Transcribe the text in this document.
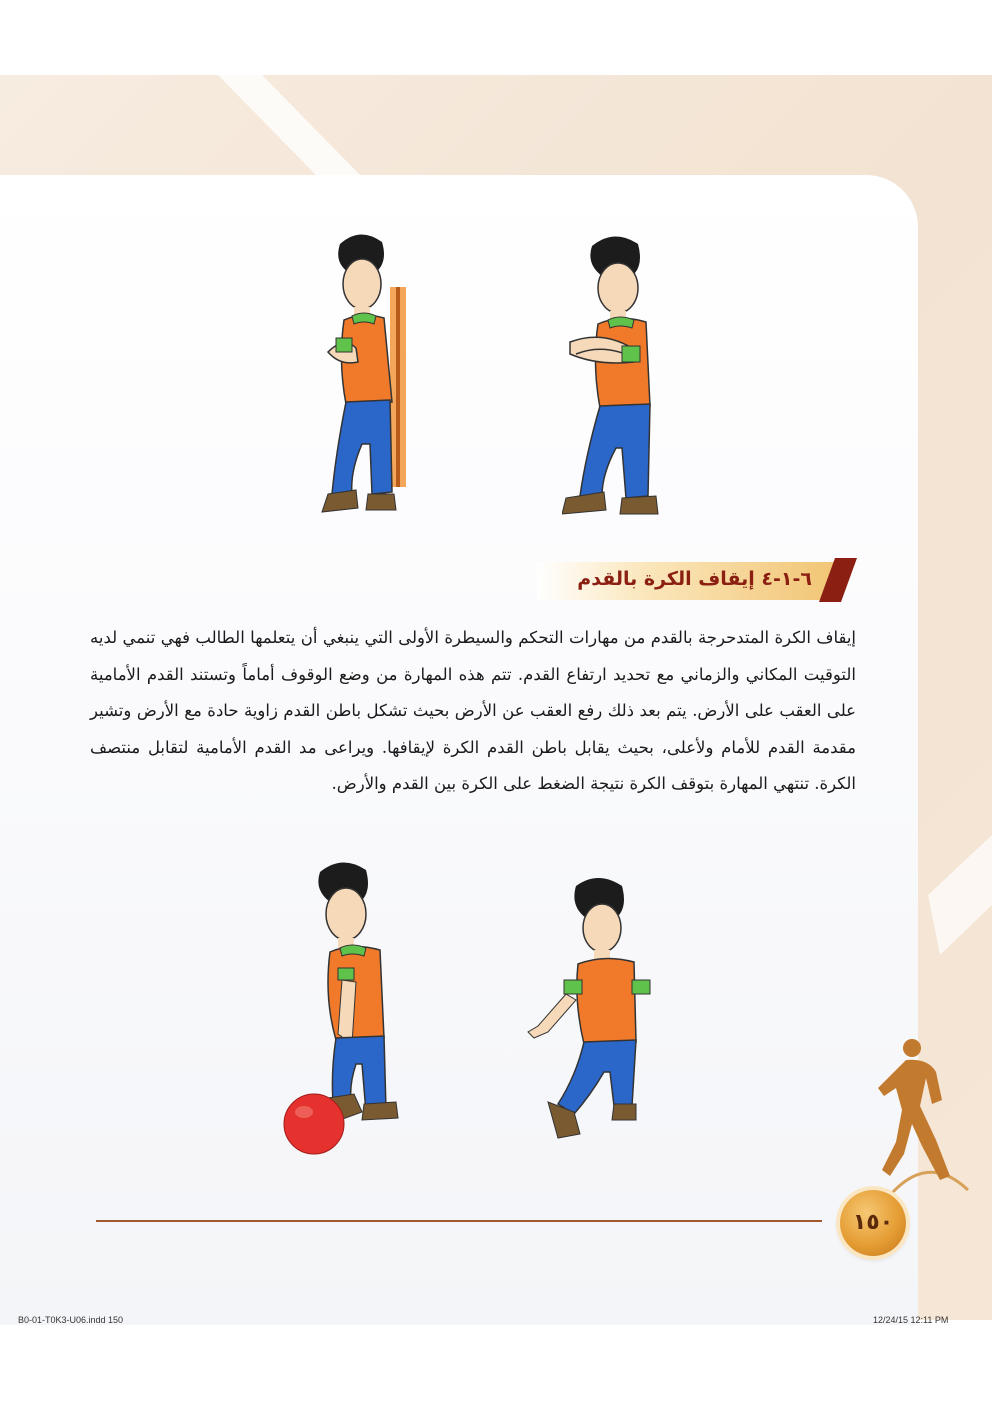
٦-١-٤ إيقاف الكرة بالقدم
إيقاف الكرة المتدحرجة بالقدم من مهارات التحكم والسيطرة الأولى التي ينبغي أن يتعلمها الطالب فهي تنمي لديه التوقيت المكاني والزماني مع تحديد ارتفاع القدم. تتم هذه المهارة من وضع الوقوف أماماً وتستند القدم الأمامية على العقب على الأرض. يتم بعد ذلك رفع العقب عن الأرض بحيث تشكل باطن القدم زاوية حادة مع الأرض وتشير مقدمة القدم للأمام ولأعلى، بحيث يقابل باطن القدم الكرة لإيقافها. ويراعى مد القدم الأمامية لتقابل منتصف الكرة. تنتهي المهارة بتوقف الكرة نتيجة الضغط على الكرة بين القدم والأرض.
١٥٠
B0-01-T0K3-U06.indd 150	12/24/15 12:11 PM
